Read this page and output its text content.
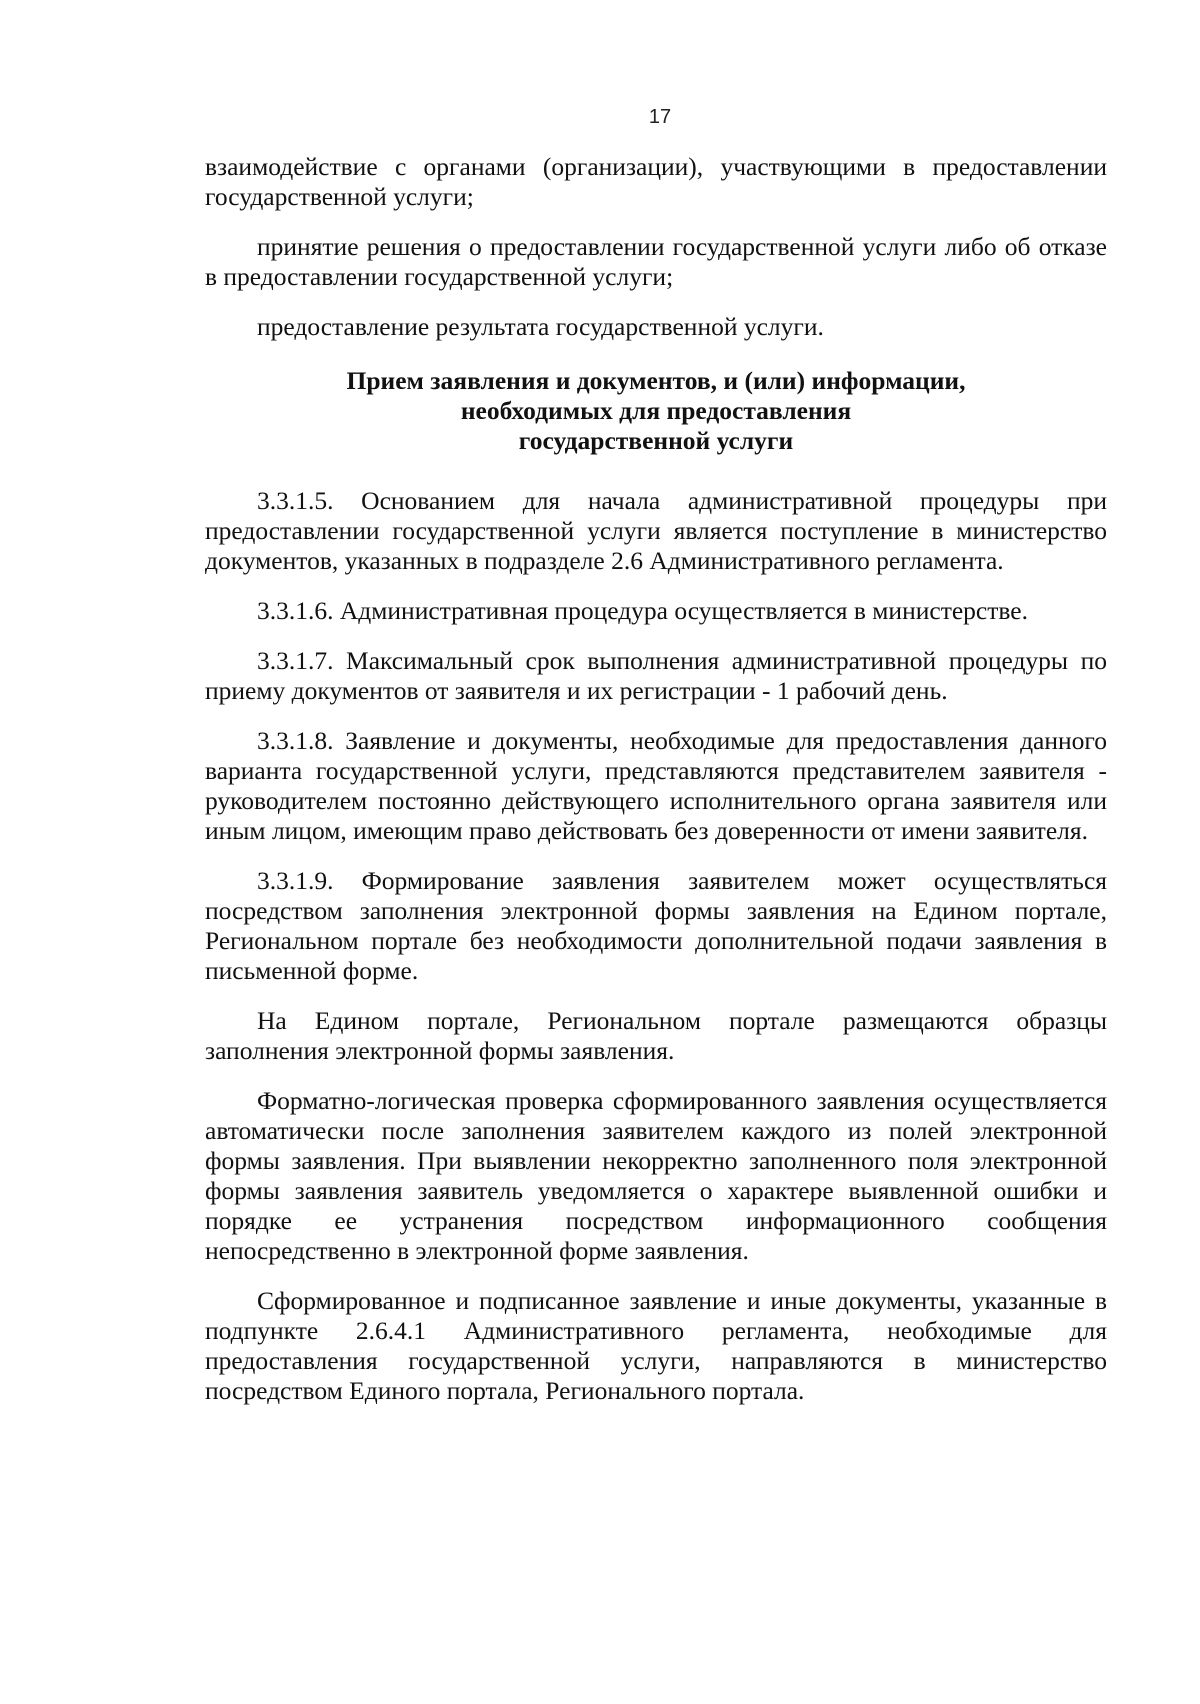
17

взаимодействие с органами (организации), участвующими в предоставлении государственной услуги;

принятие решения о предоставлении государственной услуги либо об отказе в предоставлении государственной услуги;

предоставление результата государственной услуги.

Прием заявления и документов, и (или) информации,
необходимых для предоставления
государственной услуги

3.3.1.5. Основанием для начала административной процедуры при предоставлении государственной услуги является поступление в министерство документов, указанных в подразделе 2.6 Административного регламента.

3.3.1.6. Административная процедура осуществляется в министерстве.

3.3.1.7. Максимальный срок выполнения административной процедуры по приему документов от заявителя и их регистрации - 1 рабочий день.

3.3.1.8. Заявление и документы, необходимые для предоставления данного варианта государственной услуги, представляются представителем заявителя - руководителем постоянно действующего исполнительного органа заявителя или иным лицом, имеющим право действовать без доверенности от имени заявителя.

3.3.1.9. Формирование заявления заявителем может осуществляться посредством заполнения электронной формы заявления на Едином портале, Региональном портале без необходимости дополнительной подачи заявления в письменной форме.

На Едином портале, Региональном портале размещаются образцы заполнения электронной формы заявления.

Форматно-логическая проверка сформированного заявления осуществляется автоматически после заполнения заявителем каждого из полей электронной формы заявления. При выявлении некорректно заполненного поля электронной формы заявления заявитель уведомляется о характере выявленной ошибки и порядке ее устранения посредством информационного сообщения непосредственно в электронной форме заявления.

Сформированное и подписанное заявление и иные документы, указанные в подпункте 2.6.4.1 Административного регламента, необходимые для предоставления государственной услуги, направляются в министерство посредством Единого портала, Регионального портала.
